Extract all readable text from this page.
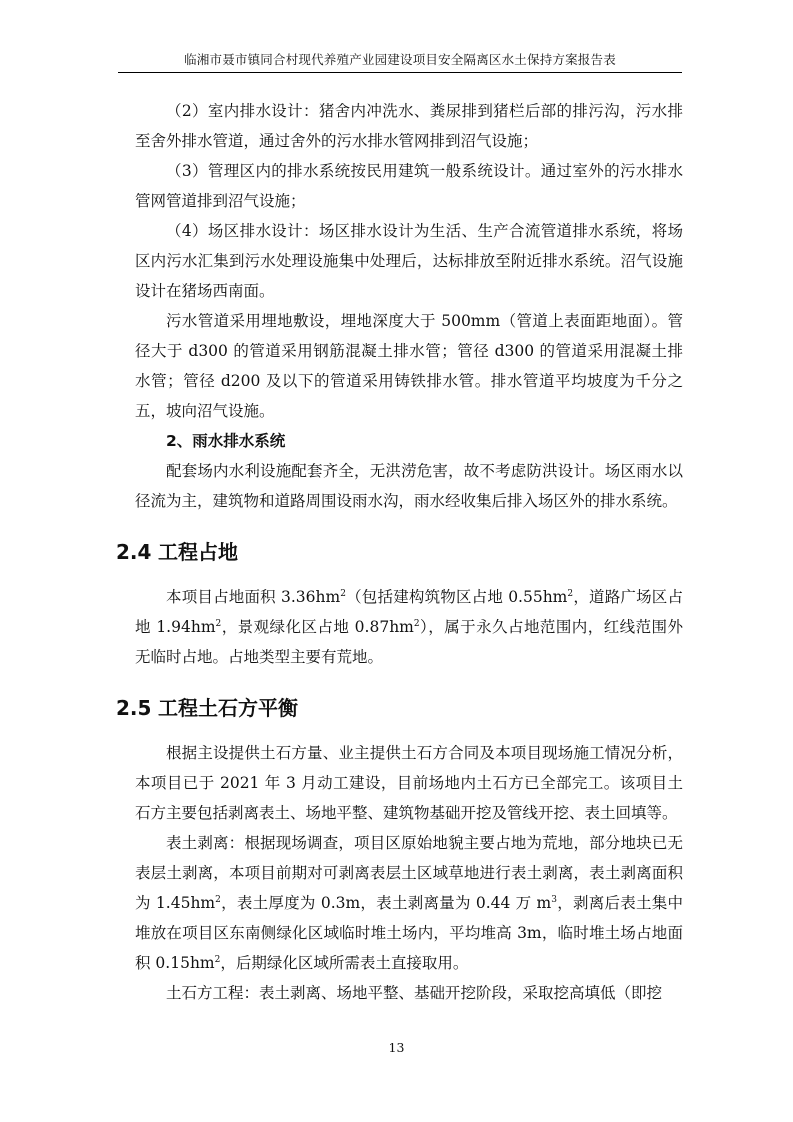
临湘市聂市镇同合村现代养殖产业园建设项目安全隔离区水土保持方案报告表

（2）室内排水设计：猪舍内冲洗水、粪尿排到猪栏后部的排污沟，污水排至舍外排水管道，通过舍外的污水排水管网排到沼气设施；

（3）管理区内的排水系统按民用建筑一般系统设计。通过室外的污水排水管网管道排到沼气设施；

（4）场区排水设计：场区排水设计为生活、生产合流管道排水系统，将场区内污水汇集到污水处理设施集中处理后，达标排放至附近排水系统。沼气设施设计在猪场西南面。

污水管道采用埋地敷设，埋地深度大于 500mm（管道上表面距地面）。管径大于 d300 的管道采用钢筋混凝土排水管；管径 d300 的管道采用混凝土排水管；管径 d200 及以下的管道采用铸铁排水管。排水管道平均坡度为千分之五，坡向沼气设施。

2、雨水排水系统

配套场内水利设施配套齐全，无洪涝危害，故不考虑防洪设计。场区雨水以径流为主，建筑物和道路周围设雨水沟，雨水经收集后排入场区外的排水系统。

2.4 工程占地

本项目占地面积 $3.36hm^2$（包括建构筑物区占地 $0.55hm^2$，道路广场区占地 $1.94hm^2$，景观绿化区占地 $0.87hm^2$），属于永久占地范围内，红线范围外无临时占地。占地类型主要有荒地。

2.5 工程土石方平衡

根据主设提供土石方量、业主提供土石方合同及本项目现场施工情况分析，本项目已于 2021 年 3 月动工建设，目前场地内土石方已全部完工。该项目土石方主要包括剥离表土、场地平整、建筑物基础开挖及管线开挖、表土回填等。

表土剥离：根据现场调查，项目区原始地貌主要占地为荒地，部分地块已无表层土剥离，本项目前期对可剥离表层土区域草地进行表土剥离，表土剥离面积为 $1.45hm^2$，表土厚度为 0.3m，表土剥离量为 0.44 万 $m^3$，剥离后表土集中堆放在项目区东南侧绿化区域临时堆土场内，平均堆高 3m，临时堆土场占地面积 $0.15hm^2$，后期绿化区域所需表土直接取用。

土石方工程：表土剥离、场地平整、基础开挖阶段，采取挖高填低（即挖

13
